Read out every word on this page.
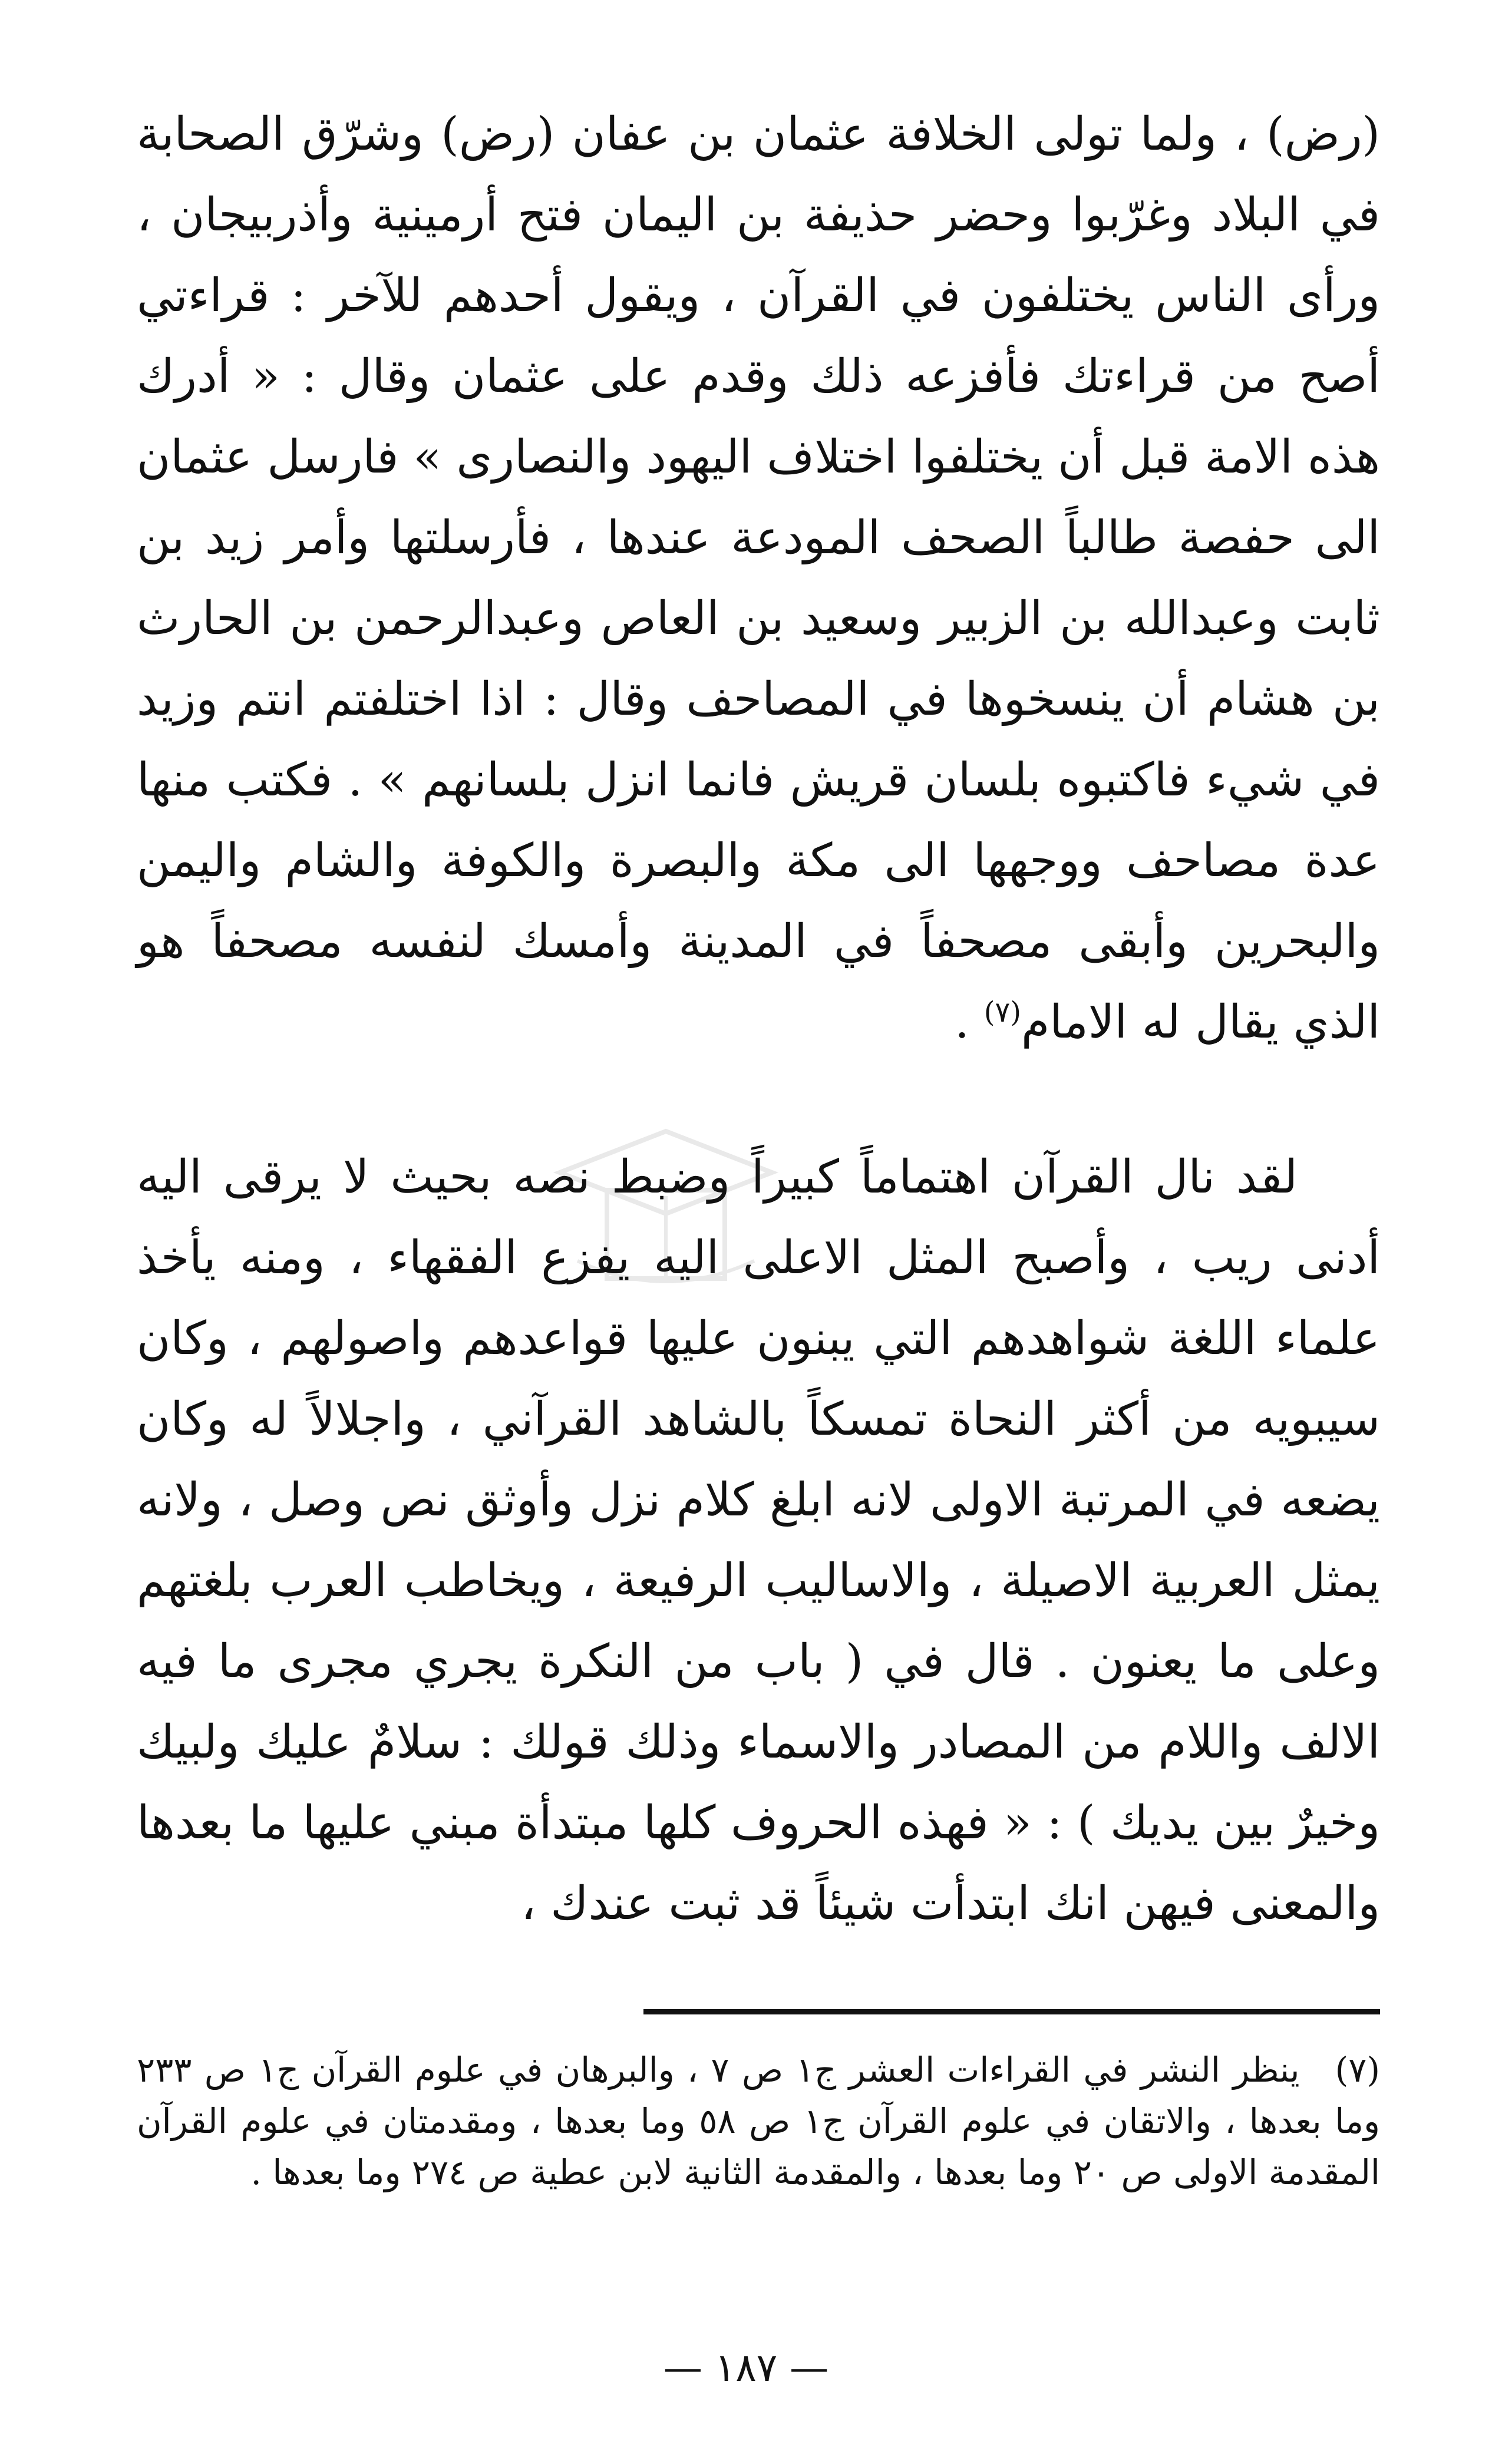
(رض) ، ولما تولى الخلافة عثمان بن عفان (رض) وشرّق الصحابة في البلاد وغرّبوا وحضر حذيفة بن اليمان فتح أرمينية وأذربيجان ، ورأى الناس يختلفون في القرآن ، ويقول أحدهم للآخر : قراءتي أصح من قراءتك فأفزعه ذلك وقدم على عثمان وقال : « أدرك هذه الامة قبل أن يختلفوا اختلاف اليهود والنصارى » فارسل عثمان الى حفصة طالباً الصحف المودعة عندها ، فأرسلتها وأمر زيد بن ثابت وعبدالله بن الزبير وسعيد بن العاص وعبدالرحمن بن الحارث بن هشام أن ينسخوها في المصاحف وقال : اذا اختلفتم انتم وزيد في شيء فاكتبوه بلسان قريش فانما انزل بلسانهم » . فكتب منها عدة مصاحف ووجهها الى مكة والبصرة والكوفة والشام واليمن والبحرين وأبقى مصحفاً في المدينة وأمسك لنفسه مصحفاً هو الذي يقال له الامام$^{(٧)}$ .
لقد نال القرآن اهتماماً كبيراً وضبط نصه بحيث لا يرقى اليه أدنى ريب ، وأصبح المثل الاعلى اليه يفزع الفقهاء ، ومنه يأخذ علماء اللغة شواهدهم التي يبنون عليها قواعدهم واصولهم ، وكان سيبويه من أكثر النحاة تمسكاً بالشاهد القرآني ، واجلالاً له وكان يضعه في المرتبة الاولى لانه ابلغ كلام نزل وأوثق نص وصل ، ولانه يمثل العربية الاصيلة ، والاساليب الرفيعة ، ويخاطب العرب بلغتهم وعلى ما يعنون . قال في ( باب من النكرة يجري مجرى ما فيه الالف واللام من المصادر والاسماء وذلك قولك : سلامٌ عليك ولبيك وخيرٌ بين يديك ) : « فهذه الحروف كلها مبتدأة مبني عليها ما بعدها والمعنى فيهن انك ابتدأت شيئاً قد ثبت عندك ،
(٧)ينظر النشر في القراءات العشر ج١ ص ٧ ، والبرهان في علوم القرآن ج١ ص ٢٣٣ وما بعدها ، والاتقان في علوم القرآن ج١ ص ٥٨ وما بعدها ، ومقدمتان في علوم القرآن المقدمة الاولى ص ٢٠ وما بعدها ، والمقدمة الثانية لابن عطية ص ٢٧٤ وما بعدها .
— ١٨٧ —
